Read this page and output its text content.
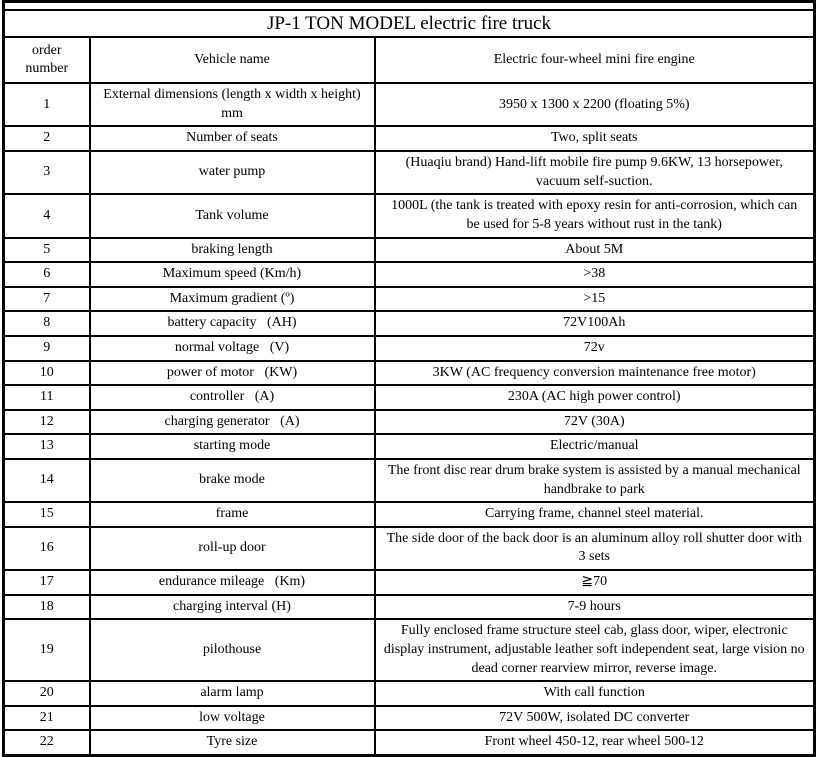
JP-1 TON MODEL electric fire truck		
order number	Vehicle name	Electric four-wheel mini fire engine
1	External dimensions (length x width x height) mm	3950 x 1300 x 2200 (floating 5%)
2	Number of seats	Two, split seats
3	water pump	(Huaqiu brand) Hand-lift mobile fire pump 9.6KW, 13 horsepower, vacuum self-suction.
4	Tank volume	1000L (the tank is treated with epoxy resin for anti-corrosion, which can be used for 5-8 years without rust in the tank)
5	braking length	About 5M
6	Maximum speed (Km/h)	>38
7	Maximum gradient (º)	>15
8	battery capacity  (AH)	72V100Ah
9	normal voltage  (V)	72v
10	power of motor  (KW)	3KW (AC frequency conversion maintenance free motor)
11	controller  (A)	230A (AC high power control)
12	charging generator  (A)	72V (30A)
13	starting mode	Electric/manual
14	brake mode	The front disc rear drum brake system is assisted by a manual mechanical handbrake to park
15	frame	Carrying frame, channel steel material.
16	roll-up door	The side door of the back door is an aluminum alloy roll shutter door with 3 sets
17	endurance mileage  (Km)	≧70
18	charging interval (H)	7-9 hours
19	pilothouse	Fully enclosed frame structure steel cab, glass door, wiper, electronic display instrument, adjustable leather soft independent seat, large vision no dead corner rearview mirror, reverse image.
20	alarm lamp	With call function
21	low voltage	72V 500W, isolated DC converter
22	Tyre size	Front wheel 450-12, rear wheel 500-12
